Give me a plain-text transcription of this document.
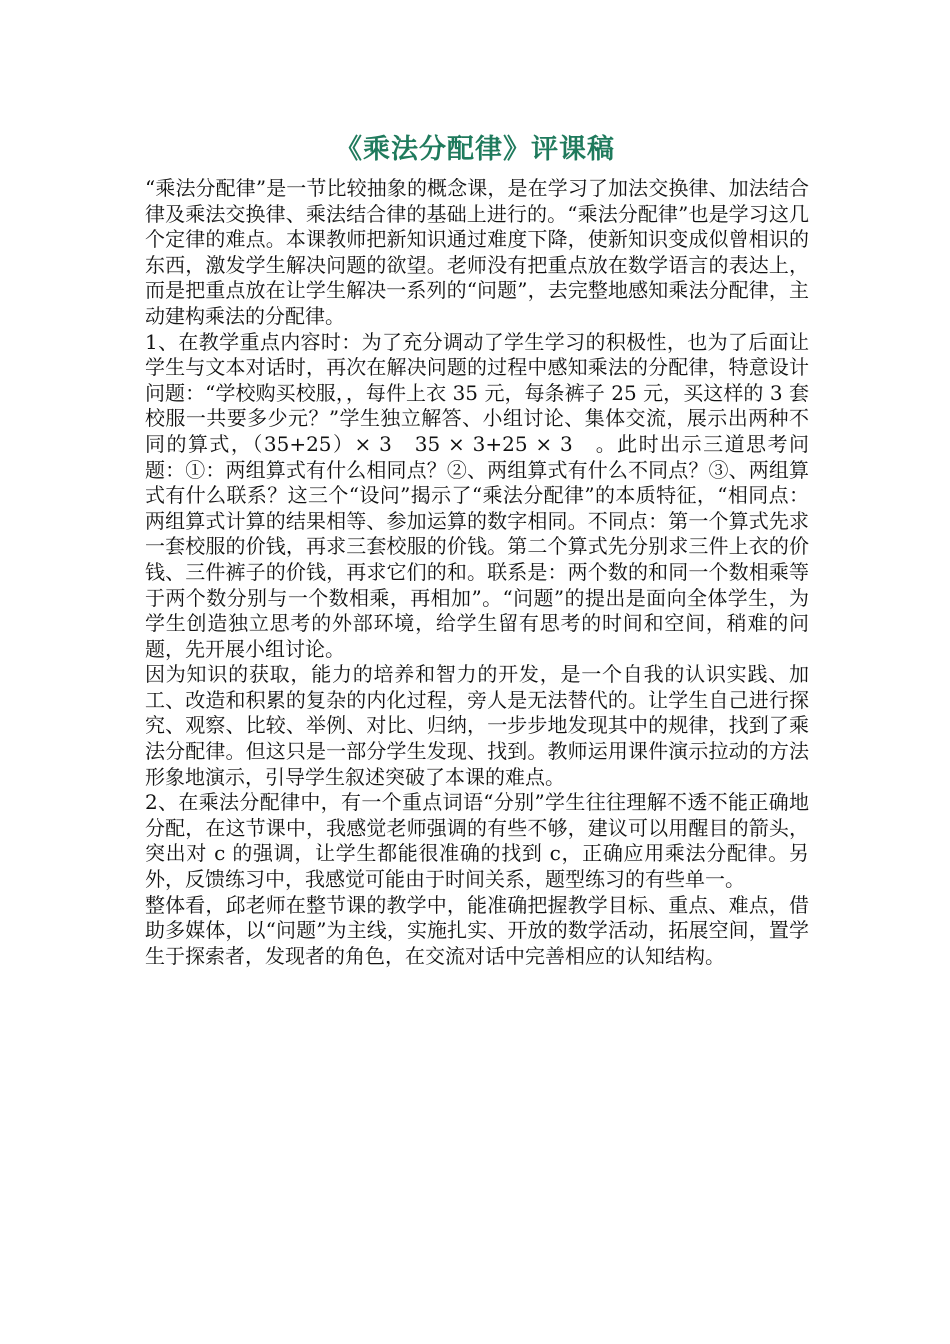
《乘法分配律》评课稿

“乘法分配律”是一节比较抽象的概念课，是在学习了加法交换律、加法结合律及乘法交换律、乘法结合律的基础上进行的。“乘法分配律”也是学习这几个定律的难点。本课教师把新知识通过难度下降，使新知识变成似曾相识的东西，激发学生解决问题的欲望。老师没有把重点放在数学语言的表达上，而是把重点放在让学生解决一系列的“问题”，去完整地感知乘法分配律，主动建构乘法的分配律。

1、在教学重点内容时：为了充分调动了学生学习的积极性，也为了后面让学生与文本对话时，再次在解决问题的过程中感知乘法的分配律，特意设计问题：“学校购买校服，，每件上衣 35 元，每条裤子 25 元，买这样的 3 套校服一共要多少元？”学生独立解答、小组讨论、集体交流，展示出两种不同的算式，（35+25）× 3　35 × 3+25 × 3　。此时出示三道思考问题：①：两组算式有什么相同点？②、两组算式有什么不同点？③、两组算式有什么联系？这三个“设问”揭示了“乘法分配律”的本质特征，“相同点：两组算式计算的结果相等、参加运算的数字相同。不同点：第一个算式先求一套校服的价钱，再求三套校服的价钱。第二个算式先分别求三件上衣的价钱、三件裤子的价钱，再求它们的和。联系是：两个数的和同一个数相乘等于两个数分别与一个数相乘，再相加”。“问题”的提出是面向全体学生，为学生创造独立思考的外部环境，给学生留有思考的时间和空间，稍难的问题，先开展小组讨论。

因为知识的获取，能力的培养和智力的开发，是一个自我的认识实践、加工、改造和积累的复杂的内化过程，旁人是无法替代的。让学生自己进行探究、观察、比较、举例、对比、归纳，一步步地发现其中的规律，找到了乘法分配律。但这只是一部分学生发现、找到。教师运用课件演示拉动的方法形象地演示，引导学生叙述突破了本课的难点。

2、在乘法分配律中，有一个重点词语“分别”学生往往理解不透不能正确地分配，在这节课中，我感觉老师强调的有些不够，建议可以用醒目的箭头，突出对 c 的强调，让学生都能很准确的找到 c，正确应用乘法分配律。另外，反馈练习中，我感觉可能由于时间关系，题型练习的有些单一。

整体看，邱老师在整节课的教学中，能准确把握教学目标、重点、难点，借助多媒体，以“问题”为主线，实施扎实、开放的数学活动，拓展空间，置学生于探索者，发现者的角色，在交流对话中完善相应的认知结构。
